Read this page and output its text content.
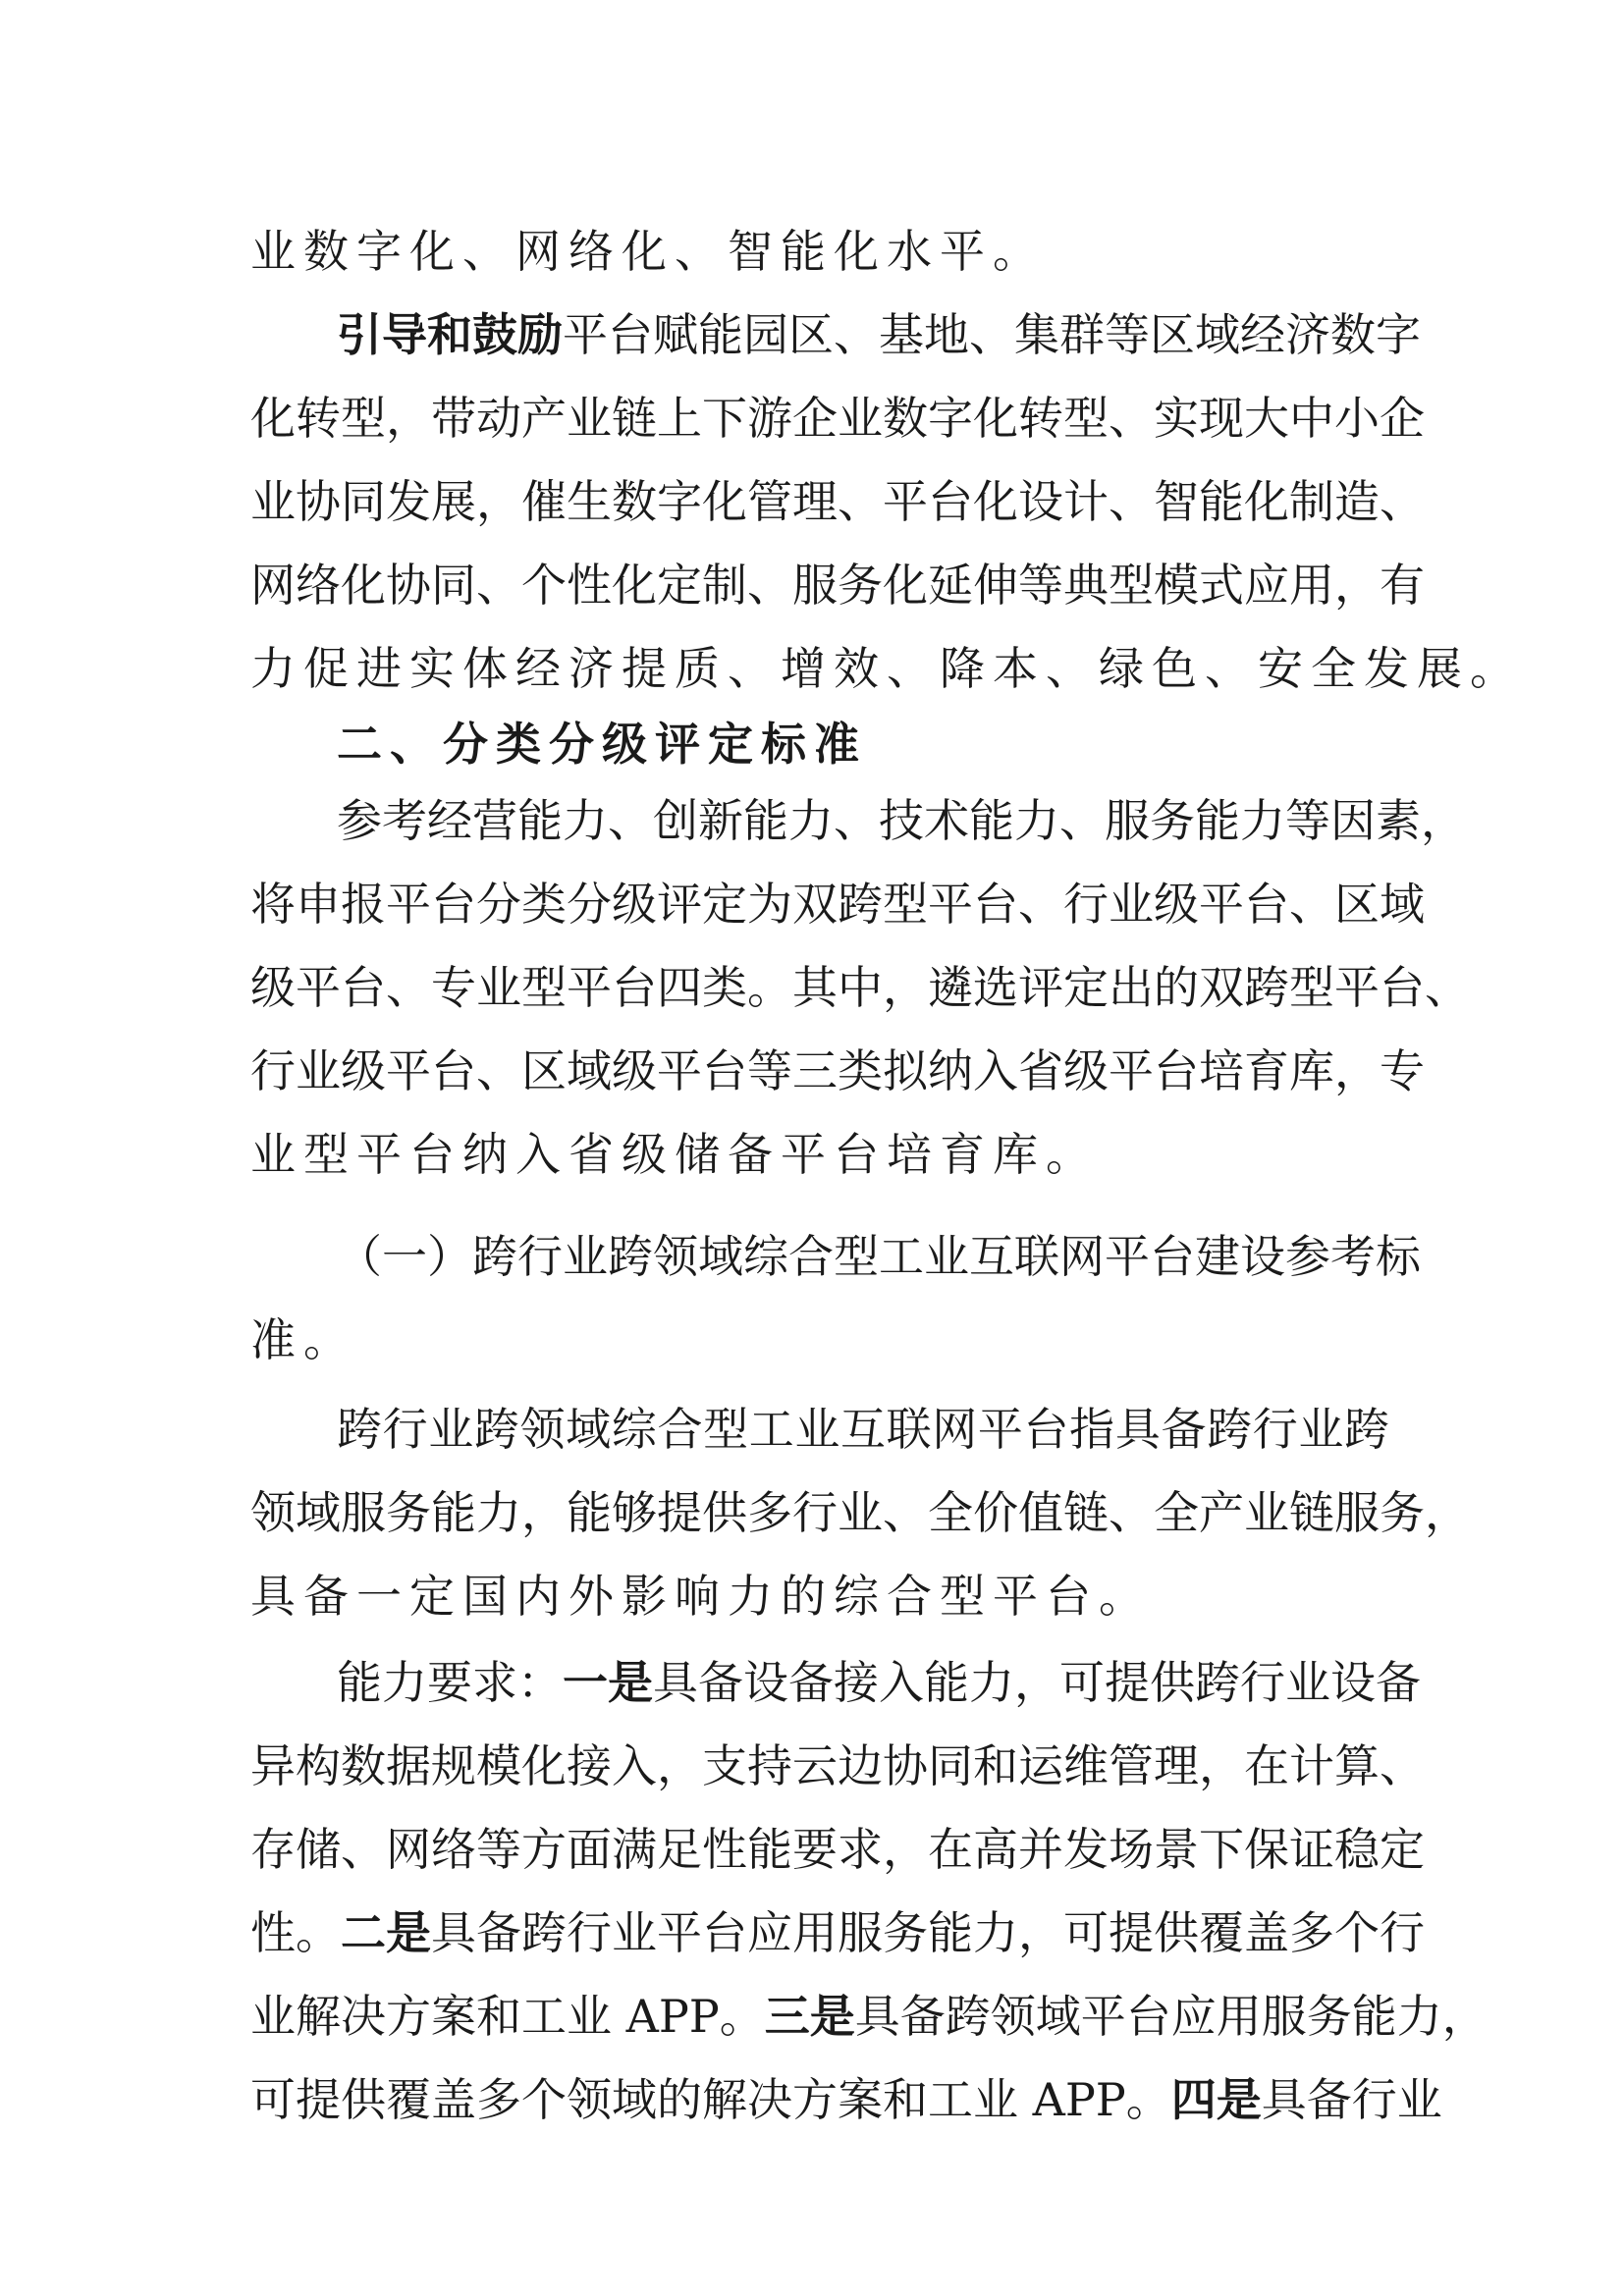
业数字化、网络化、智能化水平。
引导和鼓励平台赋能园区、基地、集群等区域经济数字
化转型，带动产业链上下游企业数字化转型、实现大中小企
业协同发展，催生数字化管理、平台化设计、智能化制造、
网络化协同、个性化定制、服务化延伸等典型模式应用，有
力促进实体经济提质、增效、降本、绿色、安全发展。
二、分类分级评定标准
参考经营能力、创新能力、技术能力、服务能力等因素，
将申报平台分类分级评定为双跨型平台、行业级平台、区域
级平台、专业型平台四类。其中，遴选评定出的双跨型平台、
行业级平台、区域级平台等三类拟纳入省级平台培育库，专
业型平台纳入省级储备平台培育库。
（一）跨行业跨领域综合型工业互联网平台建设参考标
准。
跨行业跨领域综合型工业互联网平台指具备跨行业跨
领域服务能力，能够提供多行业、全价值链、全产业链服务，
具备一定国内外影响力的综合型平台。
能力要求：一是具备设备接入能力，可提供跨行业设备
异构数据规模化接入，支持云边协同和运维管理，在计算、
存储、网络等方面满足性能要求，在高并发场景下保证稳定
性。二是具备跨行业平台应用服务能力，可提供覆盖多个行
业解决方案和工业 APP。三是具备跨领域平台应用服务能力，
可提供覆盖多个领域的解决方案和工业 APP。四是具备行业
